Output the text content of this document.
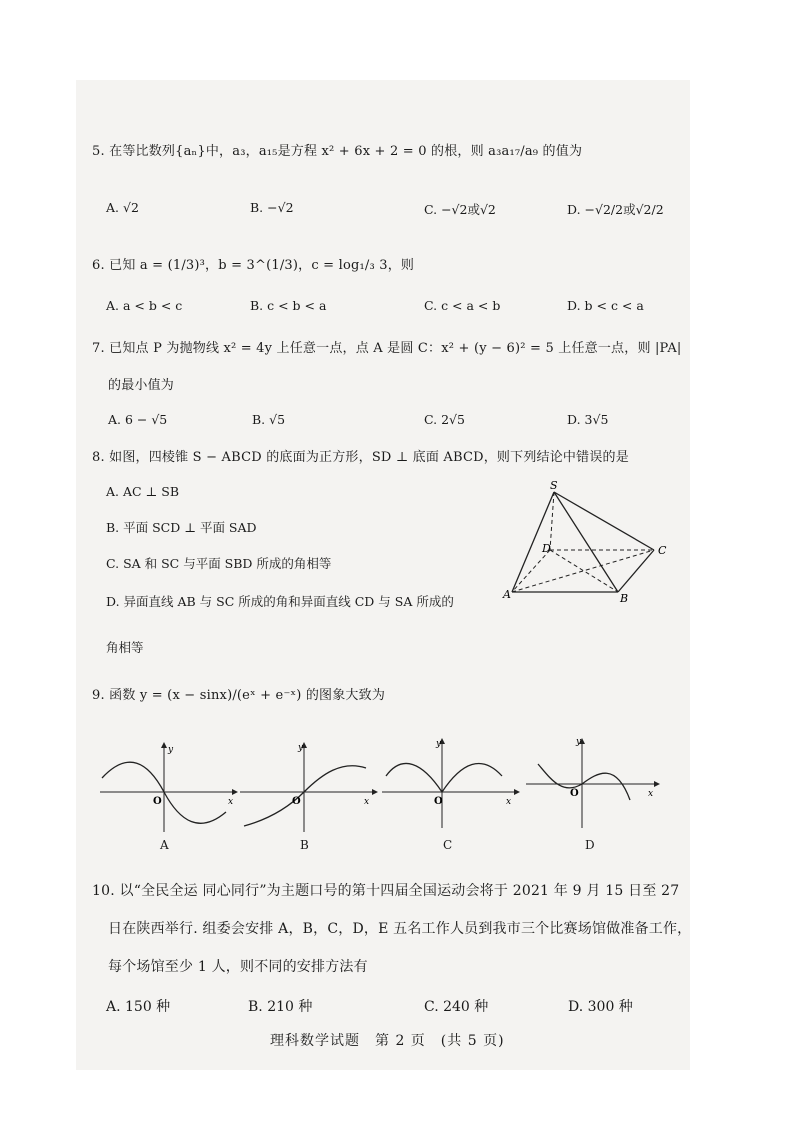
5. 在等比数列{aₙ}中，a₃，a₁₅是方程 x² + 6x + 2 = 0 的根，则 a₃a₁₇/a₉ 的值为
A. √2	B. −√2	C. −√2或√2	D. −√2/2或√2/2
6. 已知 a = (1/3)³，b = 3^(1/3)，c = log₁/₃ 3，则
A. a < b < c	B. c < b < a	C. c < a < b	D. b < c < a
7. 已知点 P 为抛物线 x² = 4y 上任意一点，点 A 是圆 C：x² + (y − 6)² = 5 上任意一点，则 |PA|
的最小值为
A. 6 − √5	B. √5	C. 2√5	D. 3√5
8. 如图，四棱锥 S − ABCD 的底面为正方形，SD ⊥ 底面 ABCD，则下列结论中错误的是
A. AC ⊥ SB
B. 平面 SCD ⊥ 平面 SAD
C. SA 和 SC 与平面 SBD 所成的角相等
D. 异面直线 AB 与 SC 所成的角和异面直线 CD 与 SA 所成的
角相等
S
D	C
A	B
9. 函数 y = (x − sinx)/(eˣ + e⁻ˣ) 的图象大致为
y
x
O
A
y
x
O
B
y
x
O
C
y
x
O
D
10. 以“全民全运 同心同行”为主题口号的第十四届全国运动会将于 2021 年 9 月 15 日至 27
日在陕西举行. 组委会安排 A，B，C，D，E 五名工作人员到我市三个比赛场馆做准备工作，
每个场馆至少 1 人，则不同的安排方法有
A. 150 种	B. 210 种	C. 240 种	D. 300 种
理科数学试题　第 2 页　(共 5 页)
